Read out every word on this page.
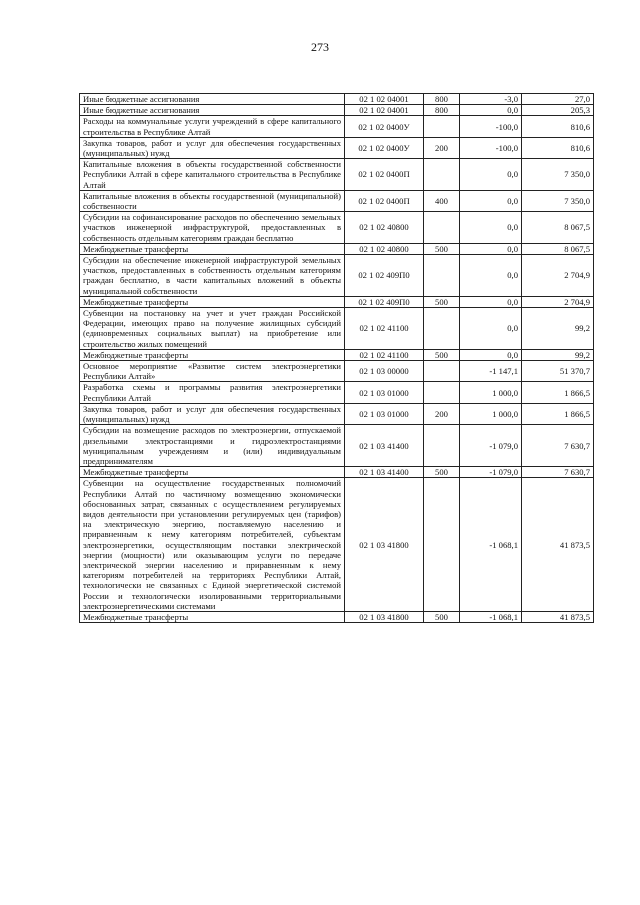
273
Иные бюджетные ассигнования	02 1 02 04001	800	-3,0	27,0
Иные бюджетные ассигнования	02 1 02 04001	800	0,0	205,3
Расходы на коммунальные услуги учреждений в сфере капитального строительства в Республике Алтай	02 1 02 0400У		-100,0	810,6
Закупка товаров, работ и услуг для обеспечения государственных (муниципальных) нужд	02 1 02 0400У	200	-100,0	810,6
Капитальные вложения в объекты государственной собственности Республики Алтай в сфере капитального строительства в Республике Алтай	02 1 02 0400П		0,0	7 350,0
Капитальные вложения в объекты государственной (муниципальной) собственности	02 1 02 0400П	400	0,0	7 350,0
Субсидии на софинансирование расходов по обеспечению земельных участков инженерной инфраструктурой, предоставленных в собственность отдельным категориям граждан бесплатно	02 1 02 40800		0,0	8 067,5
Межбюджетные трансферты	02 1 02 40800	500	0,0	8 067,5
Субсидии на обеспечение инженерной инфраструктурой земельных участков, предоставленных в собственность отдельным категориям граждан бесплатно, в части капитальных вложений в объекты муниципальной собственности	02 1 02 409П0		0,0	2 704,9
Межбюджетные трансферты	02 1 02 409П0	500	0,0	2 704,9
Субвенции на постановку на учет и учет граждан Российской Федерации, имеющих право на получение жилищных субсидий (единовременных социальных выплат) на приобретение или строительство жилых помещений	02 1 02 41100		0,0	99,2
Межбюджетные трансферты	02 1 02 41100	500	0,0	99,2
Основное мероприятие «Развитие систем электроэнергетики Республики Алтай»	02 1 03 00000		-1 147,1	51 370,7
Разработка схемы и программы развития электроэнергетики Республики Алтай	02 1 03 01000		1 000,0	1 866,5
Закупка товаров, работ и услуг для обеспечения государственных (муниципальных) нужд	02 1 03 01000	200	1 000,0	1 866,5
Субсидии на возмещение расходов по электроэнергии, отпускаемой дизельными электростанциями и гидроэлектростанциями муниципальным учреждениям и (или) индивидуальным предпринимателям	02 1 03 41400		-1 079,0	7 630,7
Межбюджетные трансферты	02 1 03 41400	500	-1 079,0	7 630,7
Субвенции на осуществление государственных полномочий Республики Алтай по частичному возмещению экономически обоснованных затрат, связанных с осуществлением регулируемых видов деятельности при установлении регулируемых цен (тарифов) на электрическую энергию, поставляемую населению и приравненным к нему категориям потребителей, субъектам электроэнергетики, осуществляющим поставки электрической энергии (мощности) или оказывающим услуги по передаче электрической энергии населению и приравненным к нему категориям потребителей на территориях Республики Алтай, технологически не связанных с Единой энергетической системой России и технологически изолированными территориальными электроэнергетическими системами	02 1 03 41800		-1 068,1	41 873,5
Межбюджетные трансферты	02 1 03 41800	500	-1 068,1	41 873,5
